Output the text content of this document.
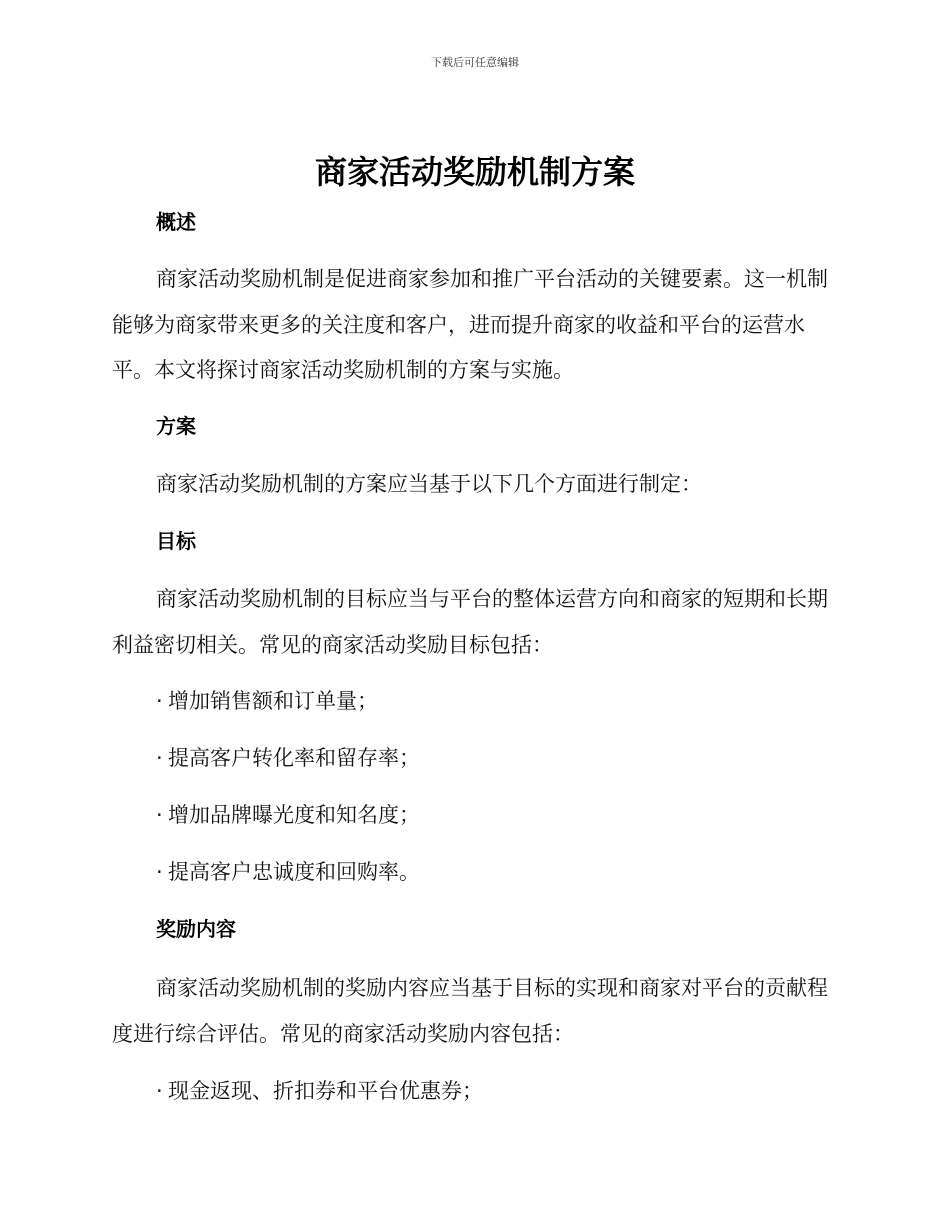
下载后可任意编辑
商家活动奖励机制方案
概述
商家活动奖励机制是促进商家参加和推广平台活动的关键要素。这一机制能够为商家带来更多的关注度和客户，进而提升商家的收益和平台的运营水平。本文将探讨商家活动奖励机制的方案与实施。
方案
商家活动奖励机制的方案应当基于以下几个方面进行制定：
目标
商家活动奖励机制的目标应当与平台的整体运营方向和商家的短期和长期利益密切相关。常见的商家活动奖励目标包括：
· 增加销售额和订单量；
· 提高客户转化率和留存率；
· 增加品牌曝光度和知名度；
· 提高客户忠诚度和回购率。
奖励内容
商家活动奖励机制的奖励内容应当基于目标的实现和商家对平台的贡献程度进行综合评估。常见的商家活动奖励内容包括：
· 现金返现、折扣券和平台优惠券；
